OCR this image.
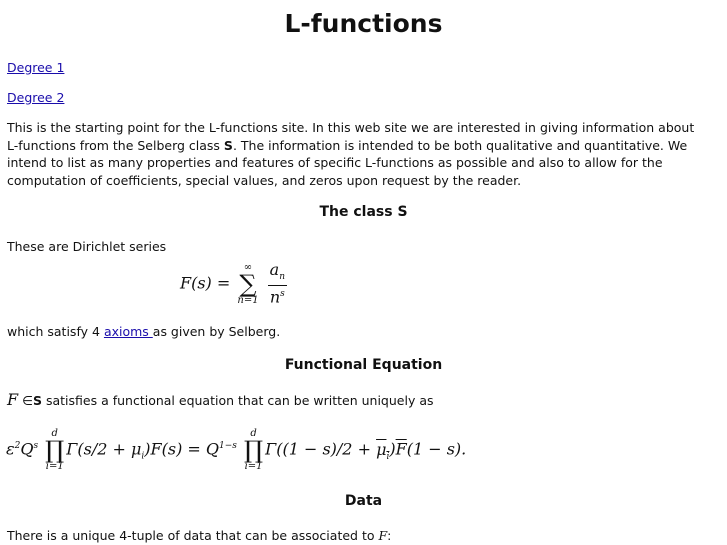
L-functions
Degree 1
Degree 2

This is the starting point for the L-functions site. In this web site we are interested in giving information about L-functions from the Selberg class S. The information is intended to be both qualitative and quantitative. We intend to list as many properties and features of specific L-functions as possible and also to allow for the computation of coefficients, special values, and zeros upon request by the reader.

The class S

These are Dirichlet series

F(s) =
∞
∑
n=1
$\frac{a_n}{n^s}$

which satisfy 4 axioms as given by Selberg.

Functional Equation

F ∈S satisfies a functional equation that can be written uniquely as

$\varepsilon^2Q^s$
d
∏
i=1
$\Gamma(s/2 + \mu_i)F(s) = Q^{1-s}$
d
∏
i=1
$\Gamma((1 - s)/2 + \mu_i)\overline{F}(1 - s)$.
Data

There is a unique 4-tuple of data that can be associated to F:
